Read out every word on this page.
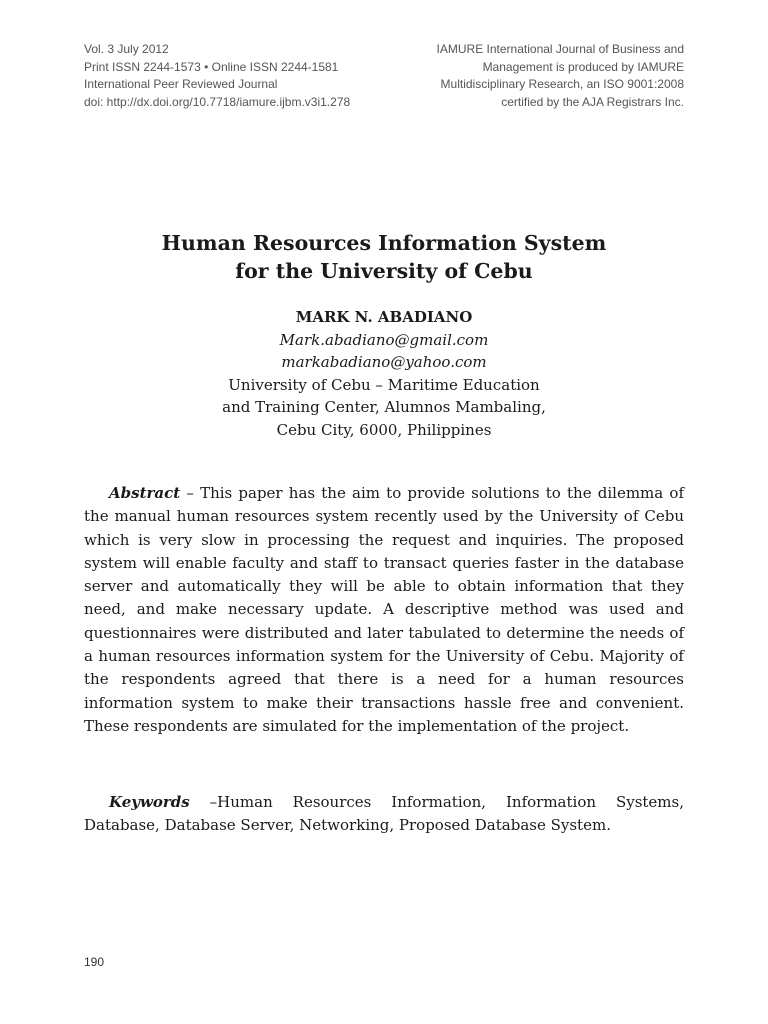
Vol. 3 July 2012
Print ISSN 2244-1573 • Online ISSN 2244-1581
International Peer Reviewed Journal
doi: http://dx.doi.org/10.7718/iamure.ijbm.v3i1.278
IAMURE International Journal of Business and
Management is produced by IAMURE
Multidisciplinary Research, an ISO 9001:2008
certified by the AJA Registrars Inc.
Human Resources Information System
for the University of Cebu
MARK N. ABADIANO
Mark.abadiano@gmail.com
markabadiano@yahoo.com
University of Cebu – Maritime Education
and Training Center, Alumnos Mambaling,
Cebu City, 6000, Philippines

Abstract – This paper has the aim to provide solutions to the dilemma of the manual human resources system recently used by the University of Cebu which is very slow in processing the request and inquiries. The proposed system will enable faculty and staff to transact queries faster in the database server and automatically they will be able to obtain information that they need, and make necessary update. A descriptive method was used and questionnaires were distributed and later tabulated to determine the needs of a human resources information system for the University of Cebu. Majority of the respondents agreed that there is a need for a human resources information system to make their transactions hassle free and convenient. These respondents are simulated for the implementation of the project.

Keywords –Human Resources Information, Information Systems, Database, Database Server, Networking, Proposed Database System.

190
